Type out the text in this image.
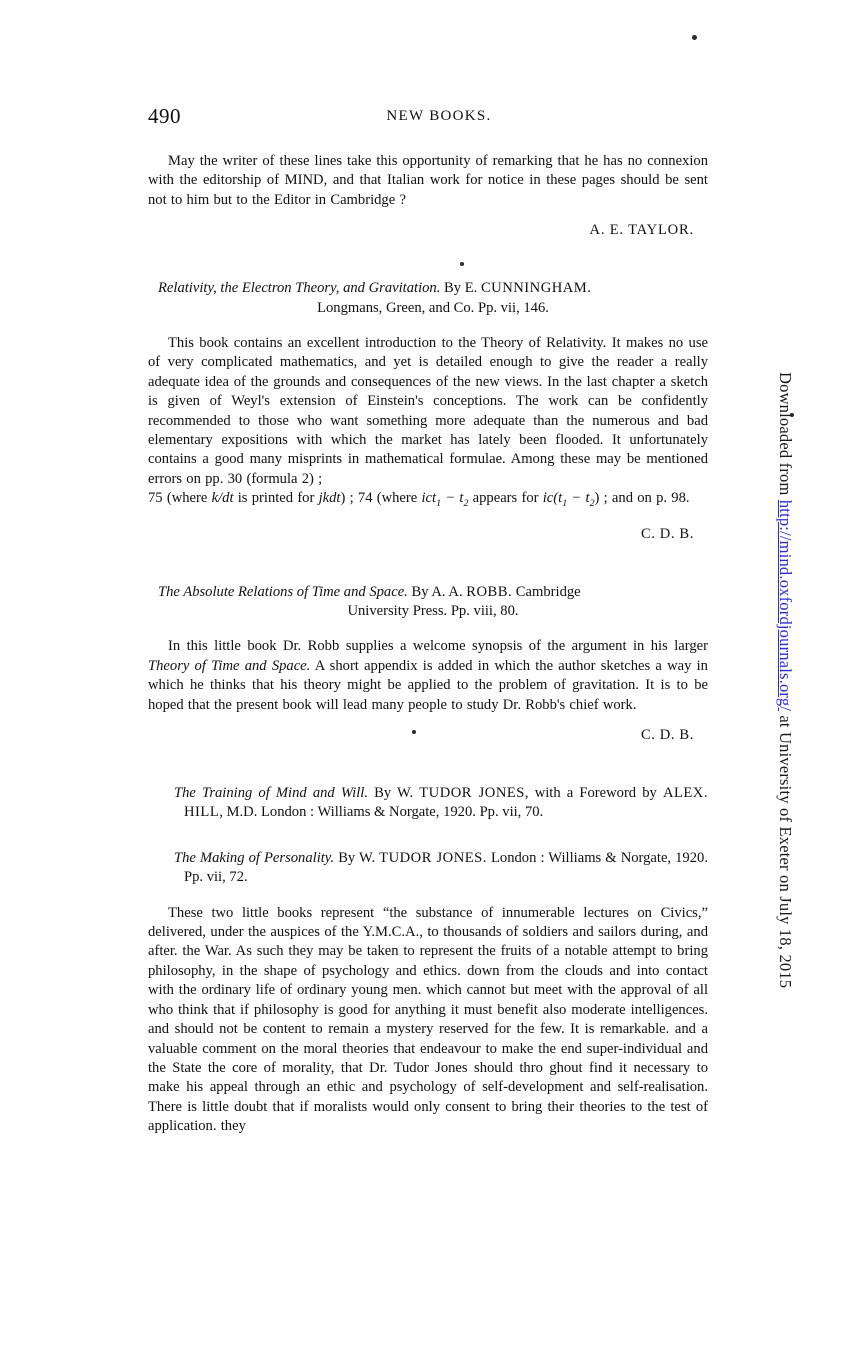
490	NEW BOOKS.

May the writer of these lines take this opportunity of remarking that he has no connexion with the editorship of MIND, and that Italian work for notice in these pages should be sent not to him but to the Editor in Cambridge ?

A. E. TAYLOR.
Relativity, the Electron Theory, and Gravitation. By E. CUNNINGHAM.
Longmans, Green, and Co. Pp. vii, 146.

This book contains an excellent introduction to the Theory of Relativity. It makes no use of very complicated mathematics, and yet is detailed enough to give the reader a really adequate idea of the grounds and consequences of the new views. In the last chapter a sketch is given of Weyl's extension of Einstein's conceptions. The work can be confidently recommended to those who want something more adequate than the numerous and bad elementary expositions with which the market has lately been flooded. It unfortunately contains a good many misprints in mathematical formulae. Among these may be mentioned errors on pp. 30 (formula 2) ;

75 (where k/dt is printed for jkdt) ; 74 (where $ict_1 - t_2$ appears for $ic(t_1 - t_2)$ ; and on p. 98.

C. D. B.
The Absolute Relations of Time and Space. By A. A. ROBB. Cambridge
University Press. Pp. viii, 80.

In this little book Dr. Robb supplies a welcome synopsis of the argument in his larger Theory of Time and Space. A short appendix is added in which the author sketches a way in which he thinks that his theory might be applied to the problem of gravitation. It is to be hoped that the present book will lead many people to study Dr. Robb's chief work.

C. D. B.
The Training of Mind and Will. By W. TUDOR JONES, with a Foreword by ALEX. HILL, M.D. London : Williams & Norgate, 1920. Pp. vii, 70.
The Making of Personality. By W. TUDOR JONES. London : Williams & Norgate, 1920. Pp. vii, 72.

These two little books represent “the substance of innumerable lectures on Civics,” delivered, under the auspices of the Y.M.C.A., to thousands of soldiers and sailors during, and after. the War. As such they may be taken to represent the fruits of a notable attempt to bring philosophy, in the shape of psychology and ethics. down from the clouds and into contact with the ordinary life of ordinary young men. which cannot but meet with the approval of all who think that if philosophy is good for anything it must benefit also moderate intelligences. and should not be content to remain a mystery reserved for the few. It is remarkable. and a valuable comment on the moral theories that endeavour to make the end super-individual and the State the core of morality, that Dr. Tudor Jones should thro ghout find it necessary to make his appeal through an ethic and psychology of self-development and self-realisation. There is little doubt that if moralists would only consent to bring their theories to the test of application. they

Downloaded from http://mind.oxfordjournals.org/ at University of Exeter on July 18, 2015
